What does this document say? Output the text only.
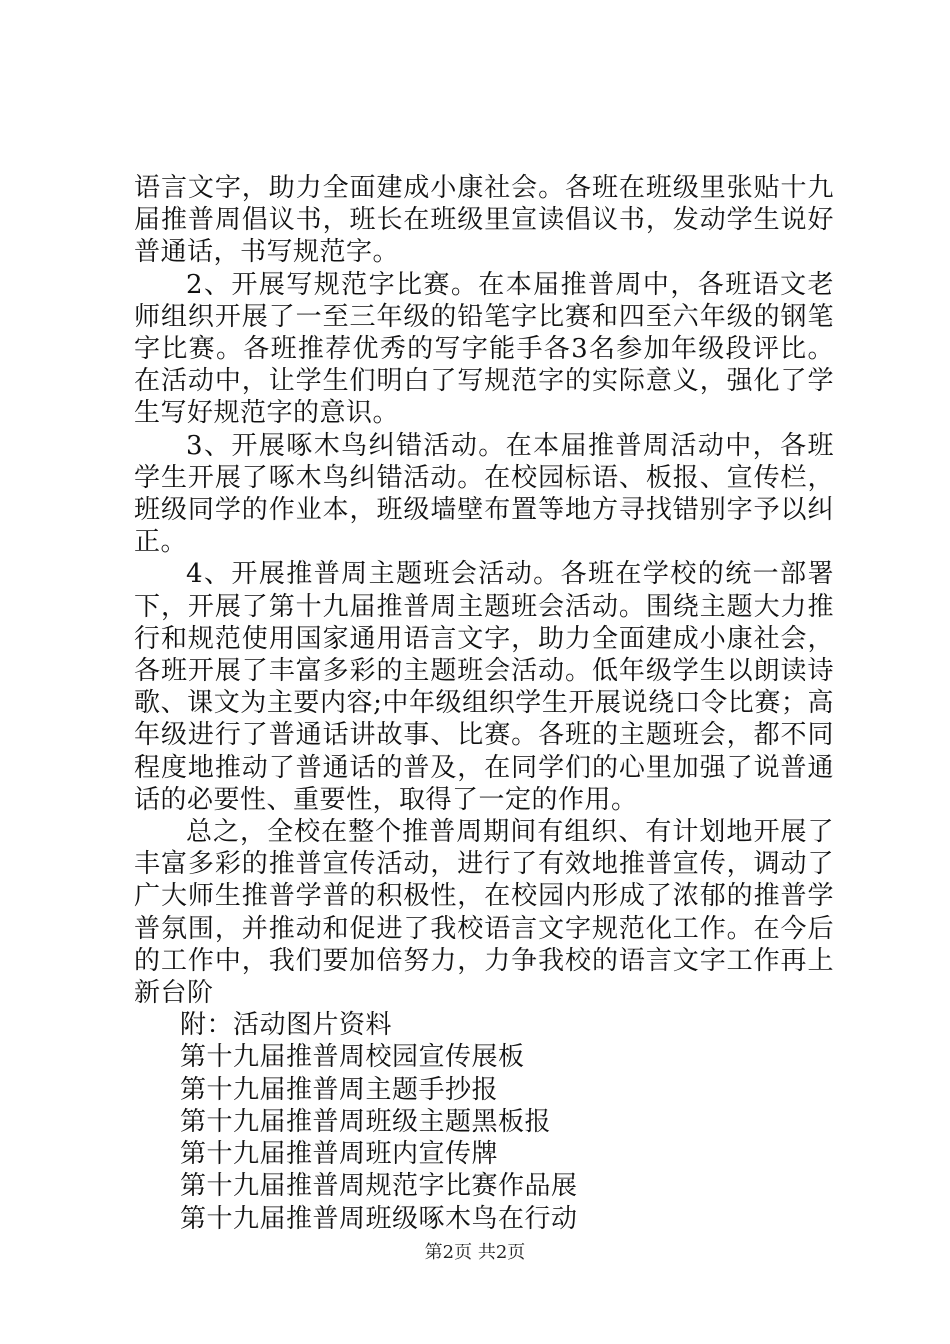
语言文字，助力全面建成小康社会。各班在班级里张贴十九届推普周倡议书，班长在班级里宣读倡议书，发动学生说好普通话，书写规范字。

2、开展写规范字比赛。在本届推普周中，各班语文老师组织开展了一至三年级的铅笔字比赛和四至六年级的钢笔字比赛。各班推荐优秀的写字能手各3名参加年级段评比。在活动中，让学生们明白了写规范字的实际意义，强化了学生写好规范字的意识。

3、开展啄木鸟纠错活动。在本届推普周活动中，各班学生开展了啄木鸟纠错活动。在校园标语、板报、宣传栏，班级同学的作业本，班级墙壁布置等地方寻找错别字予以纠正。

4、开展推普周主题班会活动。各班在学校的统一部署下，开展了第十九届推普周主题班会活动。围绕主题大力推行和规范使用国家通用语言文字，助力全面建成小康社会，各班开展了丰富多彩的主题班会活动。低年级学生以朗读诗歌、课文为主要内容;中年级组织学生开展说绕口令比赛；高年级进行了普通话讲故事、比赛。各班的主题班会，都不同程度地推动了普通话的普及，在同学们的心里加强了说普通话的必要性、重要性，取得了一定的作用。

总之，全校在整个推普周期间有组织、有计划地开展了丰富多彩的推普宣传活动，进行了有效地推普宣传，调动了广大师生推普学普的积极性，在校园内形成了浓郁的推普学普氛围，并推动和促进了我校语言文字规范化工作。在今后的工作中，我们要加倍努力，力争我校的语言文字工作再上新台阶

附：活动图片资料

第十九届推普周校园宣传展板

第十九届推普周主题手抄报

第十九届推普周班级主题黑板报

第十九届推普周班内宣传牌

第十九届推普周规范字比赛作品展

第十九届推普周班级啄木鸟在行动

第2页 共2页
